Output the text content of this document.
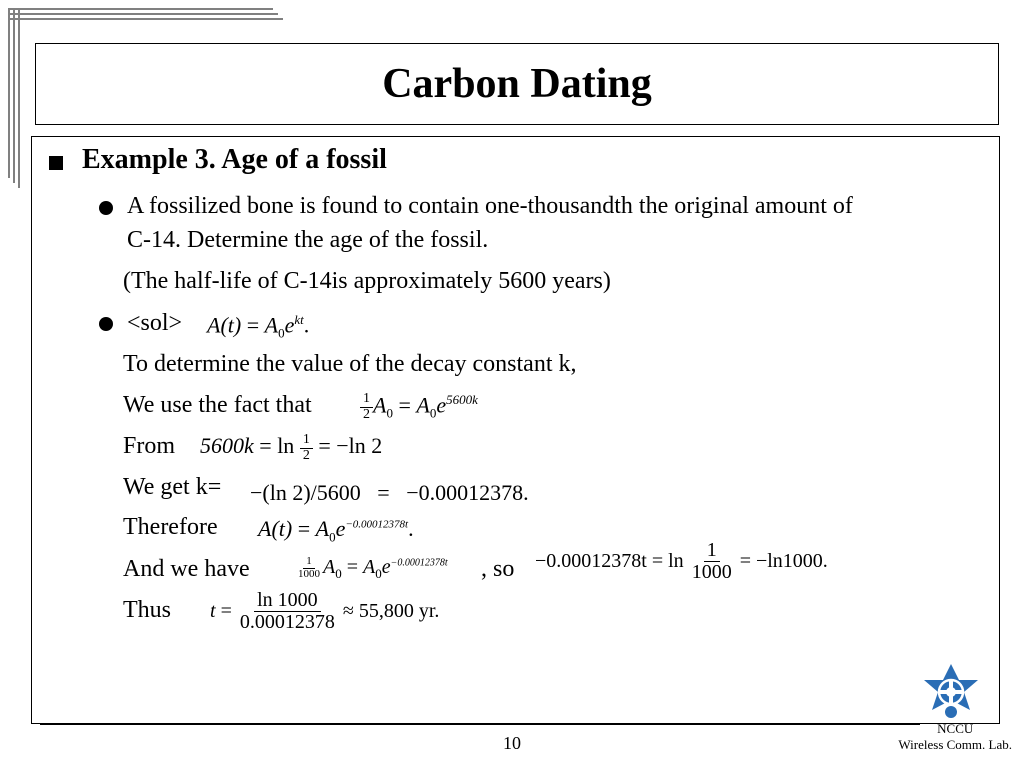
Carbon Dating
Example 3. Age of a fossil
A fossilized bone is found to contain one-thousandth the original amount of
C-14. Determine the age of the fossil.
(The half-life of C-14is approximately 5600 years)
$<sol> A(t) = A_0e^{kt}$.
To determine the value of the decay constant k,
We use the fact that	$\frac{1}{2} A_0 = A_0e^{5600k}$
From $5600k = \ln \frac{1}{2} = -\ln$ 2
We get k= −(ln 2)/5600 = −0.00012378.
Therefore $A(t) = A_0e^{-0.00012378t}$.
And we have	$\frac{1}{1000} A_0 = A_0e^{-0.00012378t}$ , so $-0.00012378t = \ln \frac{1}{1000} = -\ln 1000$.
Thus $t = \frac{\ln 1000}{0.00012378} \approx 55,800$ yr.
10
NCCU
Wireless Comm. Lab.
